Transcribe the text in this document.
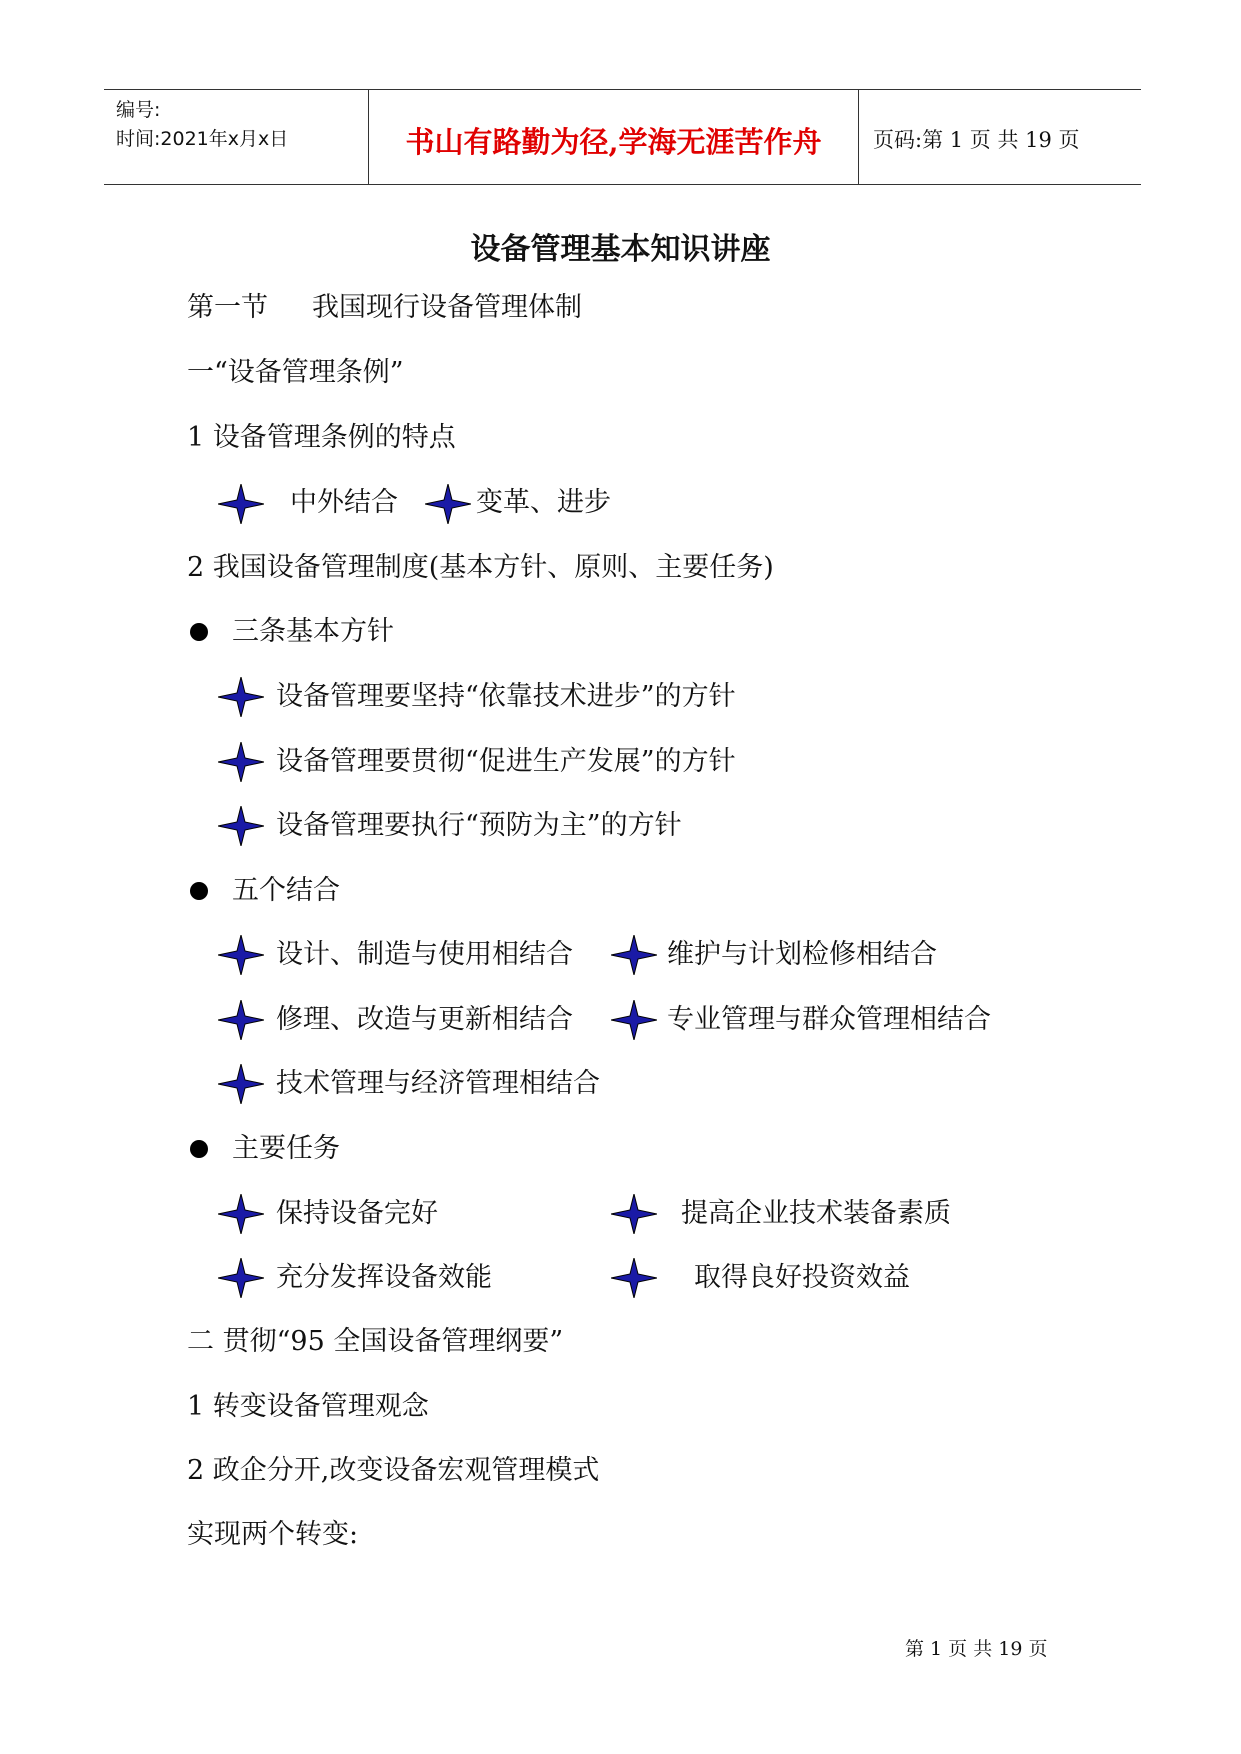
编号:
时间:2021年x月x日	书山有路勤为径,学海无涯苦作舟	页码:第 1 页 共 19 页
设备管理基本知识讲座
第一节 我国现行设备管理体制
一“设备管理条例”
1 设备管理条例的特点
中外结合	变革、进步
2 我国设备管理制度(基本方针、原则、主要任务)
三条基本方针
设备管理要坚持“依靠技术进步”的方针
设备管理要贯彻“促进生产发展”的方针
设备管理要执行“预防为主”的方针
五个结合
设计、制造与使用相结合	维护与计划检修相结合
修理、改造与更新相结合	专业管理与群众管理相结合
技术管理与经济管理相结合
主要任务
保持设备完好	提高企业技术装备素质
充分发挥设备效能	取得良好投资效益
二 贯彻“95 全国设备管理纲要”
1 转变设备管理观念
2 政企分开,改变设备宏观管理模式
实现两个转变:
第 1 页 共 19 页
